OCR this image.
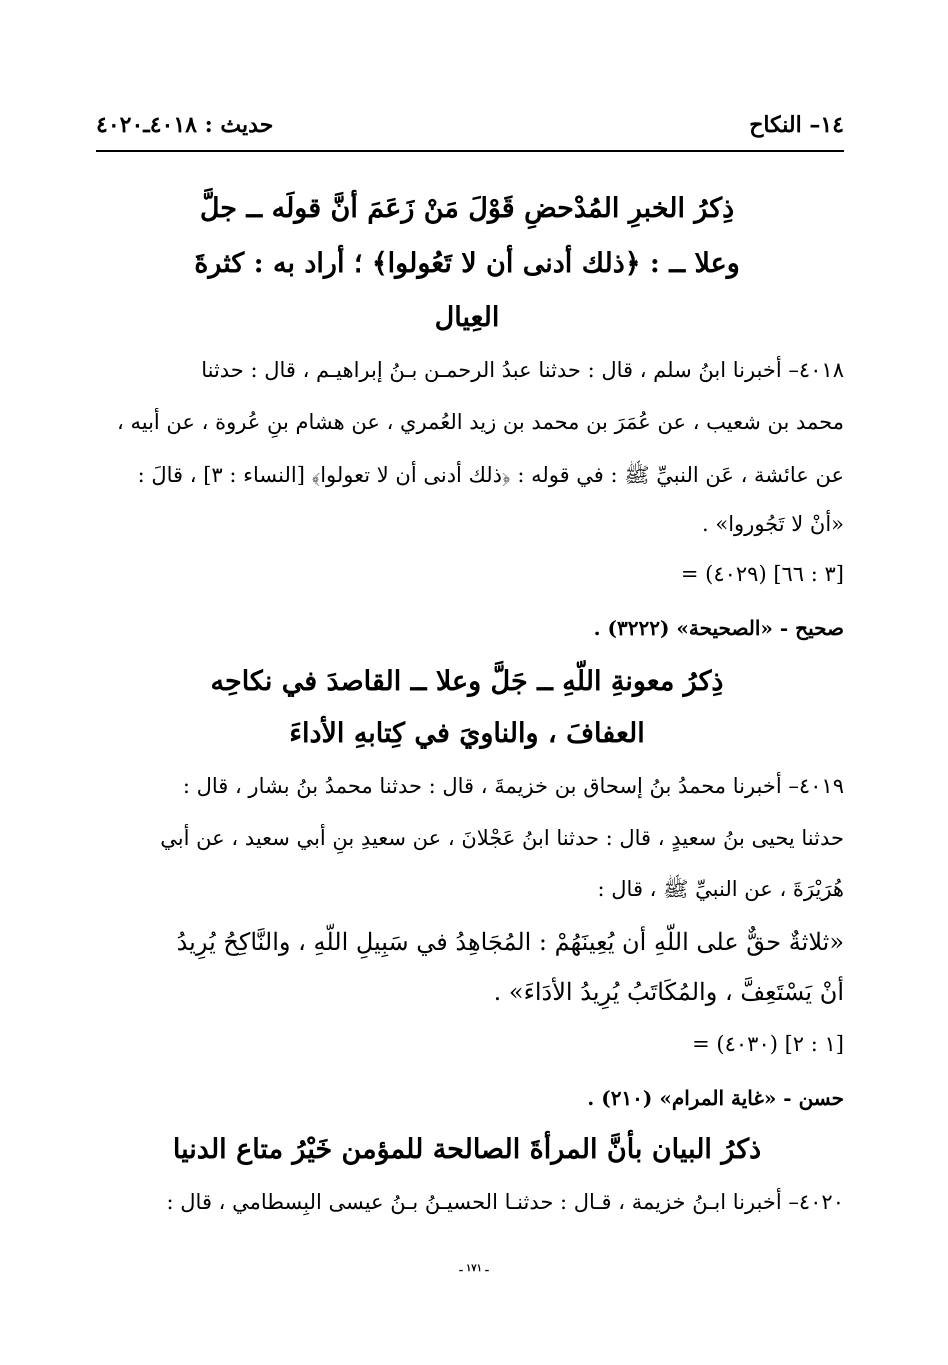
١٤– النكاح
حديث : ٤٠١٨ـ٤٠٢٠
ذِكرُ الخبرِ المُدْحضِ قَوْلَ مَنْ زَعَمَ أنَّ قولَه ــ جلَّ
وعلا ــ : ﴿ذلك أدنى أن لا تَعُولوا﴾ ؛ أراد به : كثرةَ
العِيال
٤٠١٨– أخبرنا ابنُ سلم ، قال : حدثنا عبدُ الرحمـن بـنُ إبراهيـم ، قال : حدثنا
محمد بن شعيب ، عن عُمَرَ بن محمد بن زيد العُمري ، عن هشام بنِ عُروة ، عن أبيه ،
عن عائشة ، عَن النبيِّ ﷺ : في قوله : ﴿ذلك أدنى أن لا تعولوا﴾ [النساء : ٣] ، قالَ :
«أنْ لا تَجُوروا» .
= (٤٠٢٩) [٣ : ٦٦]
صحيح - «الصحيحة» (٣٢٢٢) .
ذِكرُ معونةِ اللّهِ ــ جَلَّ وعلا ــ القاصدَ في نكاحِه
العفافَ ، والناويَ في كِتابهِ الأداءَ
٤٠١٩– أخبرنا محمدُ بنُ إسحاق بن خزيمةَ ، قال : حدثنا محمدُ بنُ بشار ، قال :
حدثنا يحيى بنُ سعيدٍ ، قال : حدثنا ابنُ عَجْلانَ ، عن سعيدِ بنِ أبي سعيد ، عن أبي
هُرَيْرَةَ ، عن النبيِّ ﷺ ، قال :
«ثلاثةٌ حقٌّ على اللّهِ أن يُعِينَهُمْ : المُجَاهِدُ في سَبِيلِ اللّهِ ، والنَّاكِحُ يُرِيدُ
أنْ يَسْتَعِفَّ ، والمُكَاتَبُ يُرِيدُ الأدَاءَ» .
= (٤٠٣٠) [١ : ٢]
حسن - «غاية المرام» (٢١٠) .
ذكرُ البيان بأنَّ المرأةَ الصالحة للمؤمن خَيْرُ متاع الدنيا
٤٠٢٠– أخبرنا ابـنُ خزيمة ، قـال : حدثنـا الحسيـنُ بـنُ عيسى البِسطامي ، قال :
ـ ١٧١ ـ
